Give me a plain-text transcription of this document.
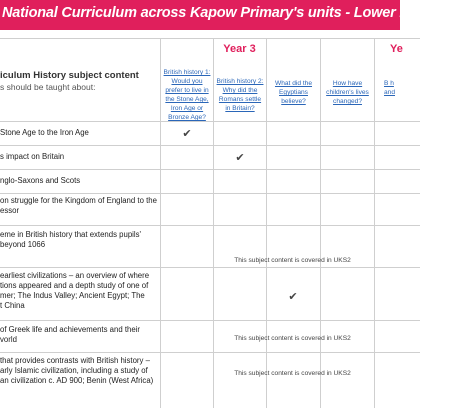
National Curriculum across Kapow Primary's units - Lower key stage 2
Year 3	Ye
iculum History subject content
s should be taught about:
British history 1: Would you prefer to live in the Stone Age, Iron Age or Bronze Age?
British history 2: Why did the Romans settle in Britain?
What did the Egyptians believe?
How have children's lives changed?
B h
and
Stone Age to the Iron Age
s impact on Britain
nglo-Saxons and Scots
on struggle for the Kingdom of England to the
essor
eme in British history that extends pupils'
beyond 1066
earliest civilizations – an overview of where
tions appeared and a depth study of one of
mer; The Indus Valley; Ancient Egypt; The
t China
of Greek life and achievements and their
vorld
that provides contrasts with British history –
arly Islamic civilization, including a study of
an civilization c. AD 900; Benin (West Africa)
✔
✔
✔
This subject content is covered in UKS2
This subject content is covered in UKS2
This subject content is covered in UKS2
